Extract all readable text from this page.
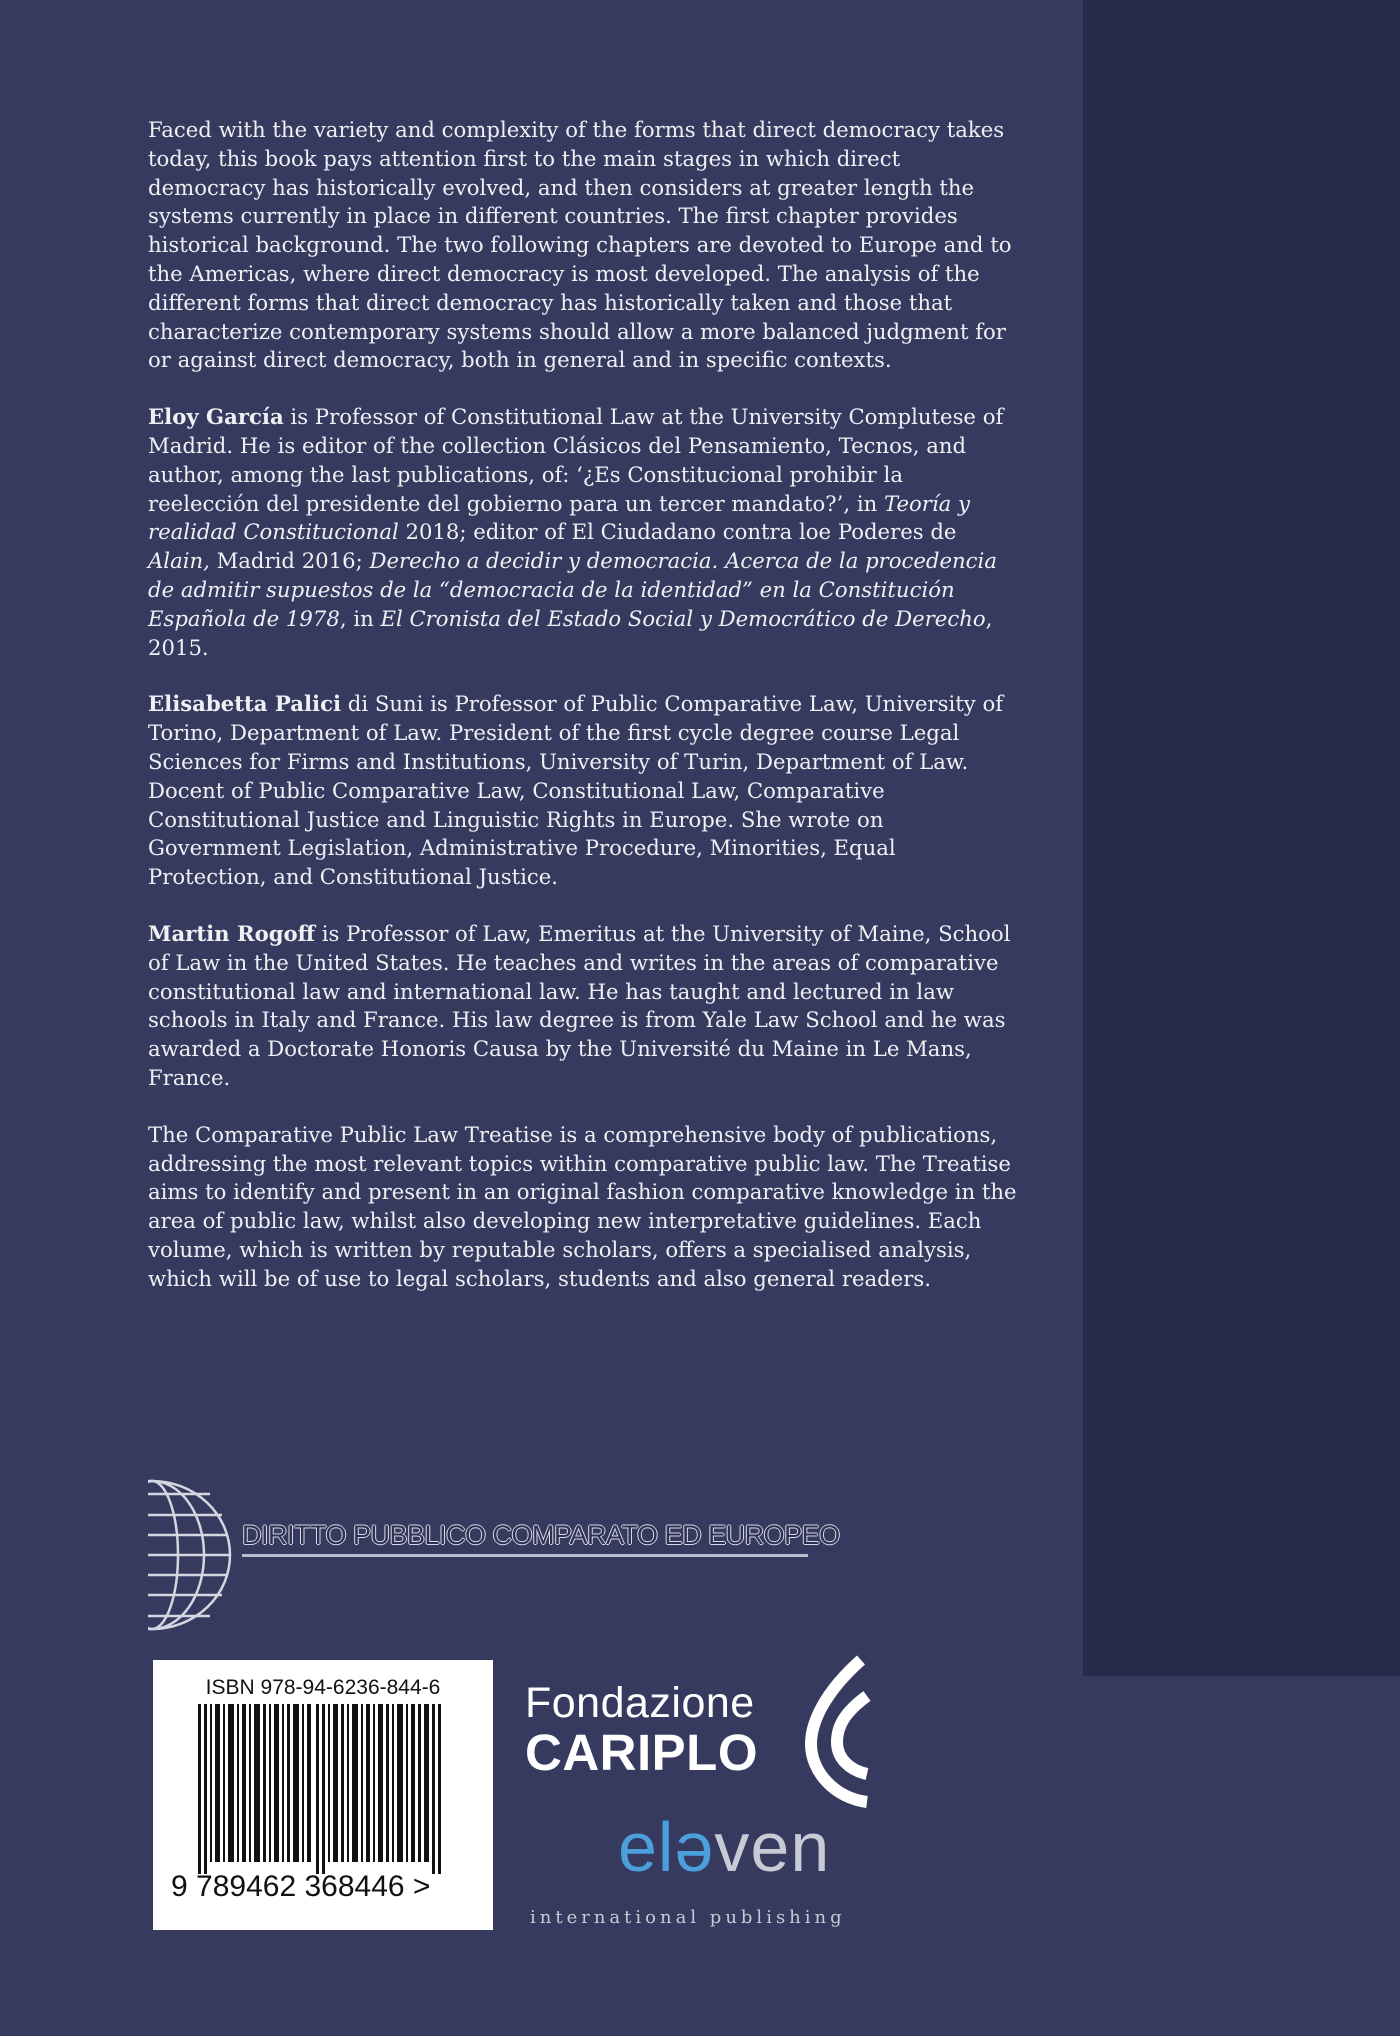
Faced with the variety and complexity of the forms that direct democracy takes today, this book pays attention first to the main stages in which direct democracy has historically evolved, and then considers at greater length the systems currently in place in different countries. The first chapter provides historical background. The two following chapters are devoted to Europe and to the Americas, where direct democracy is most developed. The analysis of the different forms that direct democracy has historically taken and those that characterize contemporary systems should allow a more balanced judgment for or against direct democracy, both in general and in specific contexts.

Eloy García is Professor of Constitutional Law at the University Complutese of Madrid. He is editor of the collection Clásicos del Pensamiento, Tecnos, and author, among the last publications, of: ‘¿Es Constitucional prohibir la reelección del presidente del gobierno para un tercer mandato?’, in Teoría y realidad Constitucional 2018; editor of El Ciudadano contra loe Poderes de Alain, Madrid 2016; Derecho a decidir y democracia. Acerca de la procedencia de admitir supuestos de la “democracia de la identidad” en la Constitución Española de 1978, in El Cronista del Estado Social y Democrático de Derecho, 2015.

Elisabetta Palici di Suni is Professor of Public Comparative Law, University of Torino, Department of Law. President of the first cycle degree course Legal Sciences for Firms and Institutions, University of Turin, Department of Law. Docent of Public Comparative Law, Constitutional Law, Comparative Constitutional Justice and Linguistic Rights in Europe. She wrote on Government Legislation, Administrative Procedure, Minorities, Equal Protection, and Constitutional Justice.

Martin Rogoff is Professor of Law, Emeritus at the University of Maine, School of Law in the United States. He teaches and writes in the areas of comparative constitutional law and international law. He has taught and lectured in law schools in Italy and France. His law degree is from Yale Law School and he was awarded a Doctorate Honoris Causa by the Université du Maine in Le Mans, France.

The Comparative Public Law Treatise is a comprehensive body of publications, addressing the most relevant topics within comparative public law. The Treatise aims to identify and present in an original fashion comparative knowledge in the area of public law, whilst also developing new interpretative guidelines. Each volume, which is written by reputable scholars, offers a specialised analysis, which will be of use to legal scholars, students and also general readers.

DIRITTO PUBBLICO COMPARATO ED EUROPEO
ISBN 978-94-6236-844-6
9 789462 368446 >
Fondazione
CARIPLO
eləven
international publishing
